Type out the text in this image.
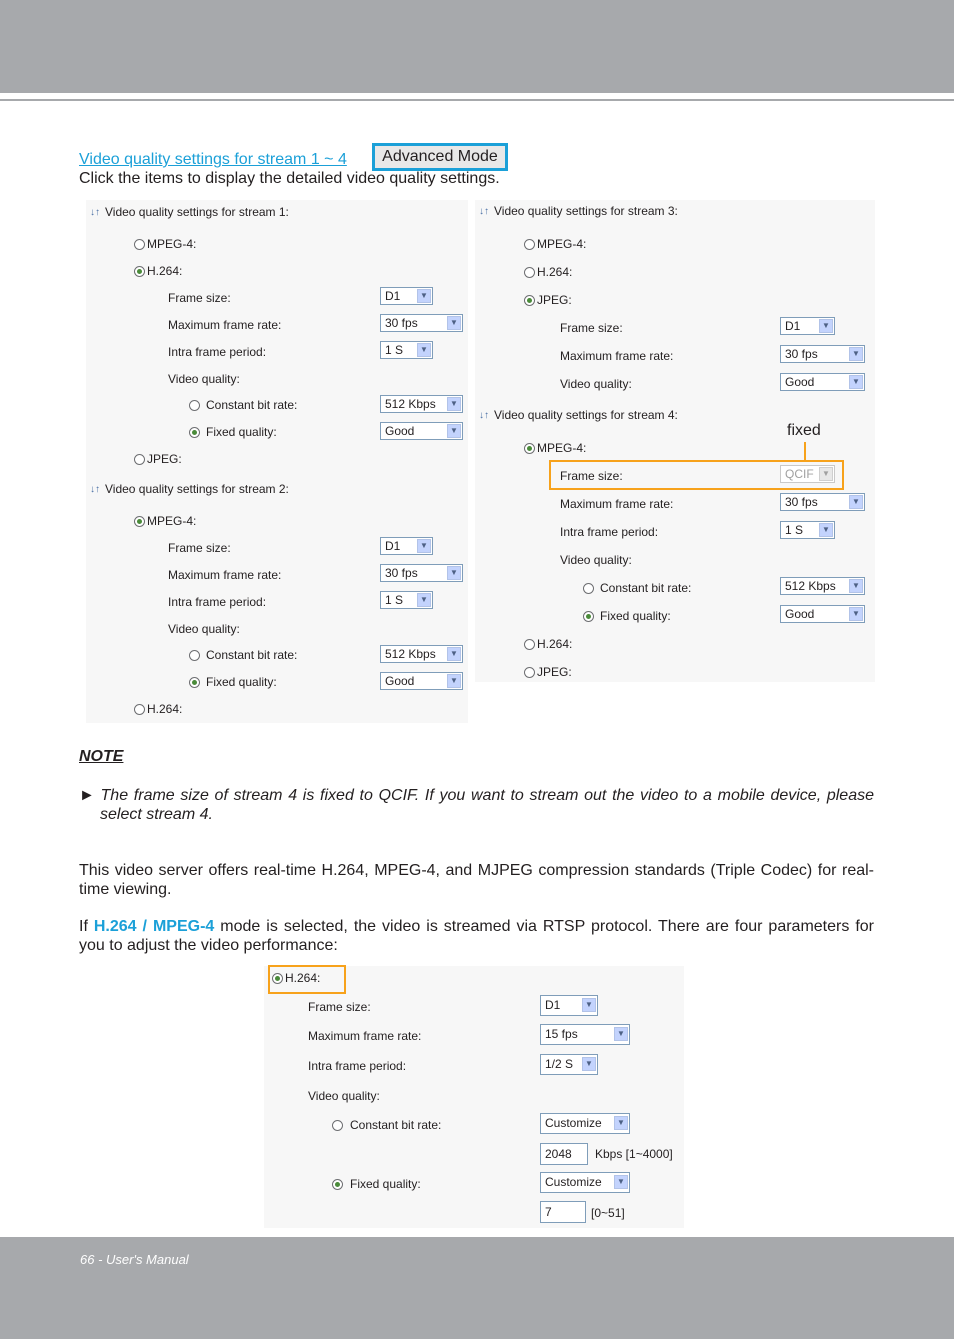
Video quality settings for stream 1 ~ 4	Advanced Mode
Click the items to display the detailed video quality settings.
↓↑ Video quality settings for stream 1:
MPEG-4:
H.264:
Frame size:	D1	▼
Maximum frame rate:	30 fps	▼
Intra frame period:	1 S	▼
Video quality:
Constant bit rate:	512 Kbps	▼
Fixed quality:	Good	▼
JPEG:
↓↑ Video quality settings for stream 2:
MPEG-4:
Frame size:	D1	▼
Maximum frame rate:	30 fps	▼
Intra frame period:	1 S	▼
Video quality:
Constant bit rate:	512 Kbps	▼
Fixed quality:	Good	▼
H.264:
↓↑ Video quality settings for stream 3:
MPEG-4:
H.264:
JPEG:
Frame size:	D1	▼
Maximum frame rate:	30 fps	▼
Video quality:	Good	▼
↓↑ Video quality settings for stream 4:
fixed
MPEG-4:
Frame size:	QCIF	▼
Maximum frame rate:	30 fps	▼
Intra frame period:	1 S	▼
Video quality:
Constant bit rate:	512 Kbps	▼
Fixed quality:	Good	▼
H.264:
JPEG:
NOTE
► The frame size of stream 4 is fixed to QCIF. If you want to stream out the video to a mobile device, please select stream 4.
This video server offers real-time H.264, MPEG-4, and MJPEG compression standards (Triple Codec) for real-time viewing.
If H.264 / MPEG-4 mode is selected, the video is streamed via RTSP protocol. There are four parameters for you to adjust the video performance:
H.264:
Frame size:	D1	▼
Maximum frame rate:	15 fps	▼
Intra frame period:	1/2 S	▼
Video quality:
Constant bit rate:	Customize	▼
2048	Kbps [1~4000]
Fixed quality:	Customize	▼
7	[0~51]
66 - User's Manual
